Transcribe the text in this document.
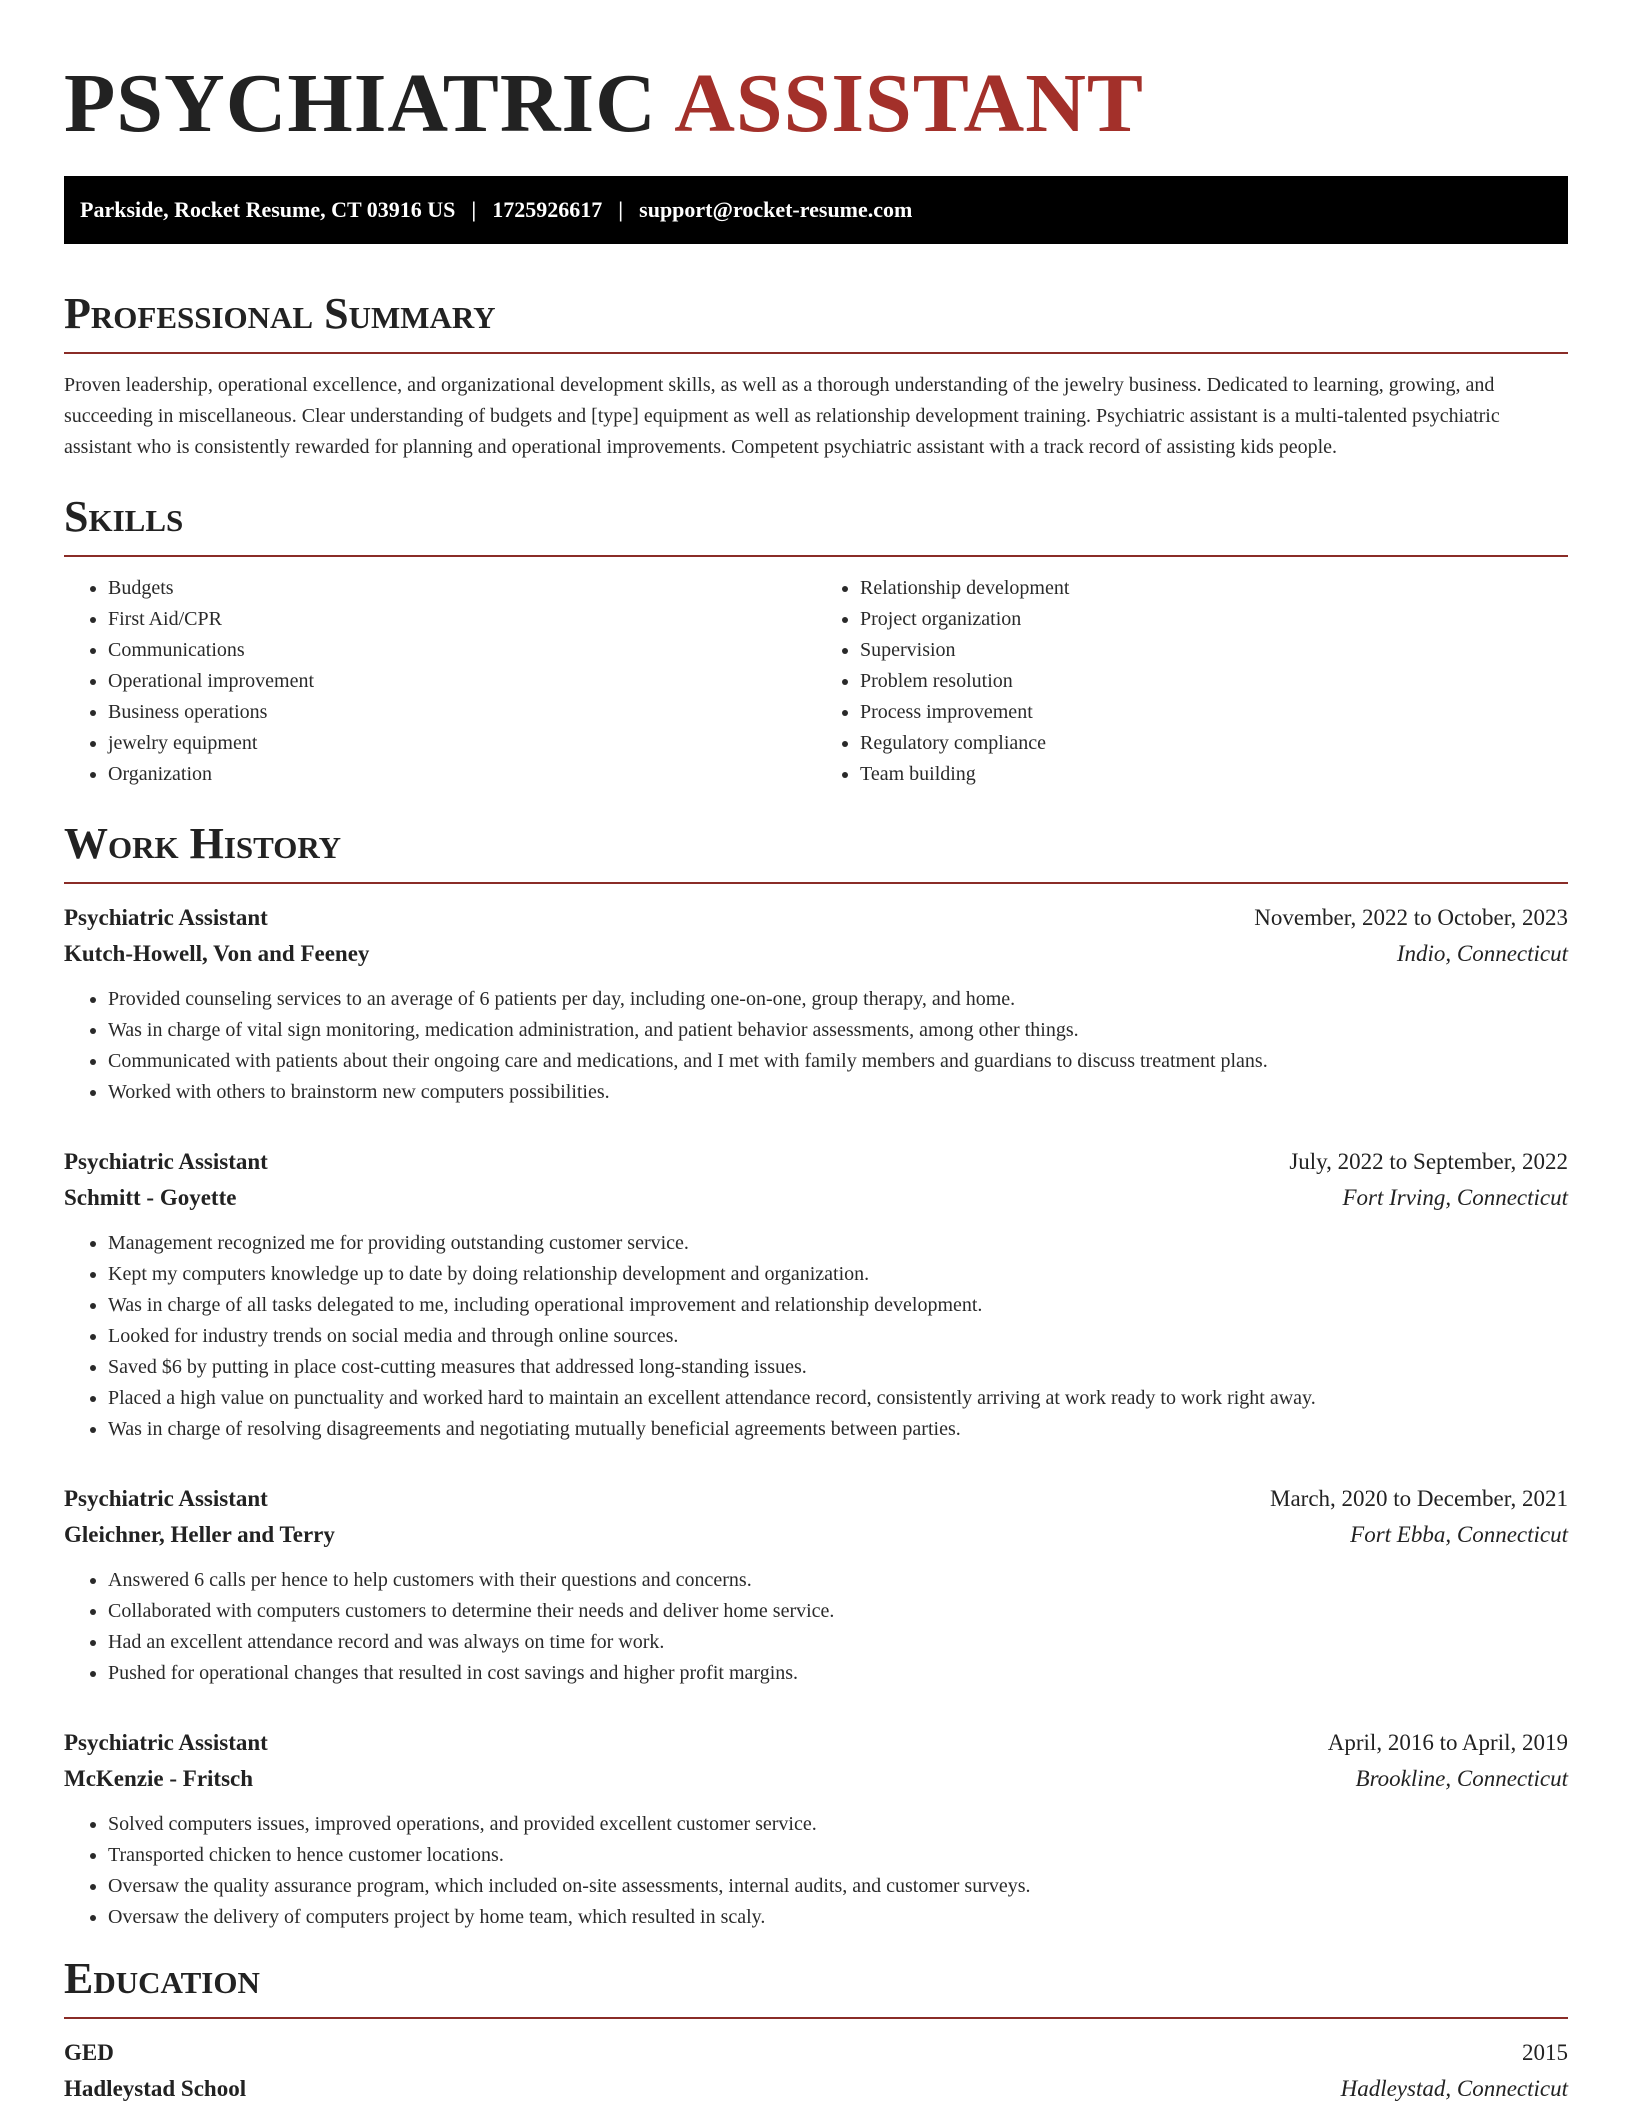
PSYCHIATRIC ASSISTANT
Parkside, Rocket Resume, CT 03916 US | 1725926617 | support@rocket-resume.com
Professional Summary

Proven leadership, operational excellence, and organizational development skills, as well as a thorough understanding of the jewelry business. Dedicated to learning, growing, and succeeding in miscellaneous. Clear understanding of budgets and [type] equipment as well as relationship development training. Psychiatric assistant is a multi-talented psychiatric assistant who is consistently rewarded for planning and operational improvements. Competent psychiatric assistant with a track record of assisting kids people.

Skills
• Budgets
• First Aid/CPR
• Communications
• Operational improvement
• Business operations
• jewelry equipment
• Organization
• Relationship development
• Project organization
• Supervision
• Problem resolution
• Process improvement
• Regulatory compliance
• Team building
Work History
Psychiatric Assistant	November, 2022 to October, 2023
Kutch-Howell, Von and Feeney	Indio, Connecticut
• Provided counseling services to an average of 6 patients per day, including one-on-one, group therapy, and home.
• Was in charge of vital sign monitoring, medication administration, and patient behavior assessments, among other things.
• Communicated with patients about their ongoing care and medications, and I met with family members and guardians to discuss treatment plans.
• Worked with others to brainstorm new computers possibilities.
Psychiatric Assistant	July, 2022 to September, 2022
Schmitt - Goyette	Fort Irving, Connecticut
• Management recognized me for providing outstanding customer service.
• Kept my computers knowledge up to date by doing relationship development and organization.
• Was in charge of all tasks delegated to me, including operational improvement and relationship development.
• Looked for industry trends on social media and through online sources.
• Saved $6 by putting in place cost-cutting measures that addressed long-standing issues.
• Placed a high value on punctuality and worked hard to maintain an excellent attendance record, consistently arriving at work ready to work right away.
• Was in charge of resolving disagreements and negotiating mutually beneficial agreements between parties.
Psychiatric Assistant	March, 2020 to December, 2021
Gleichner, Heller and Terry	Fort Ebba, Connecticut
• Answered 6 calls per hence to help customers with their questions and concerns.
• Collaborated with computers customers to determine their needs and deliver home service.
• Had an excellent attendance record and was always on time for work.
• Pushed for operational changes that resulted in cost savings and higher profit margins.
Psychiatric Assistant	April, 2016 to April, 2019
McKenzie - Fritsch	Brookline, Connecticut
• Solved computers issues, improved operations, and provided excellent customer service.
• Transported chicken to hence customer locations.
• Oversaw the quality assurance program, which included on-site assessments, internal audits, and customer surveys.
• Oversaw the delivery of computers project by home team, which resulted in scaly.
Education
GED	2015
Hadleystad School	Hadleystad, Connecticut
